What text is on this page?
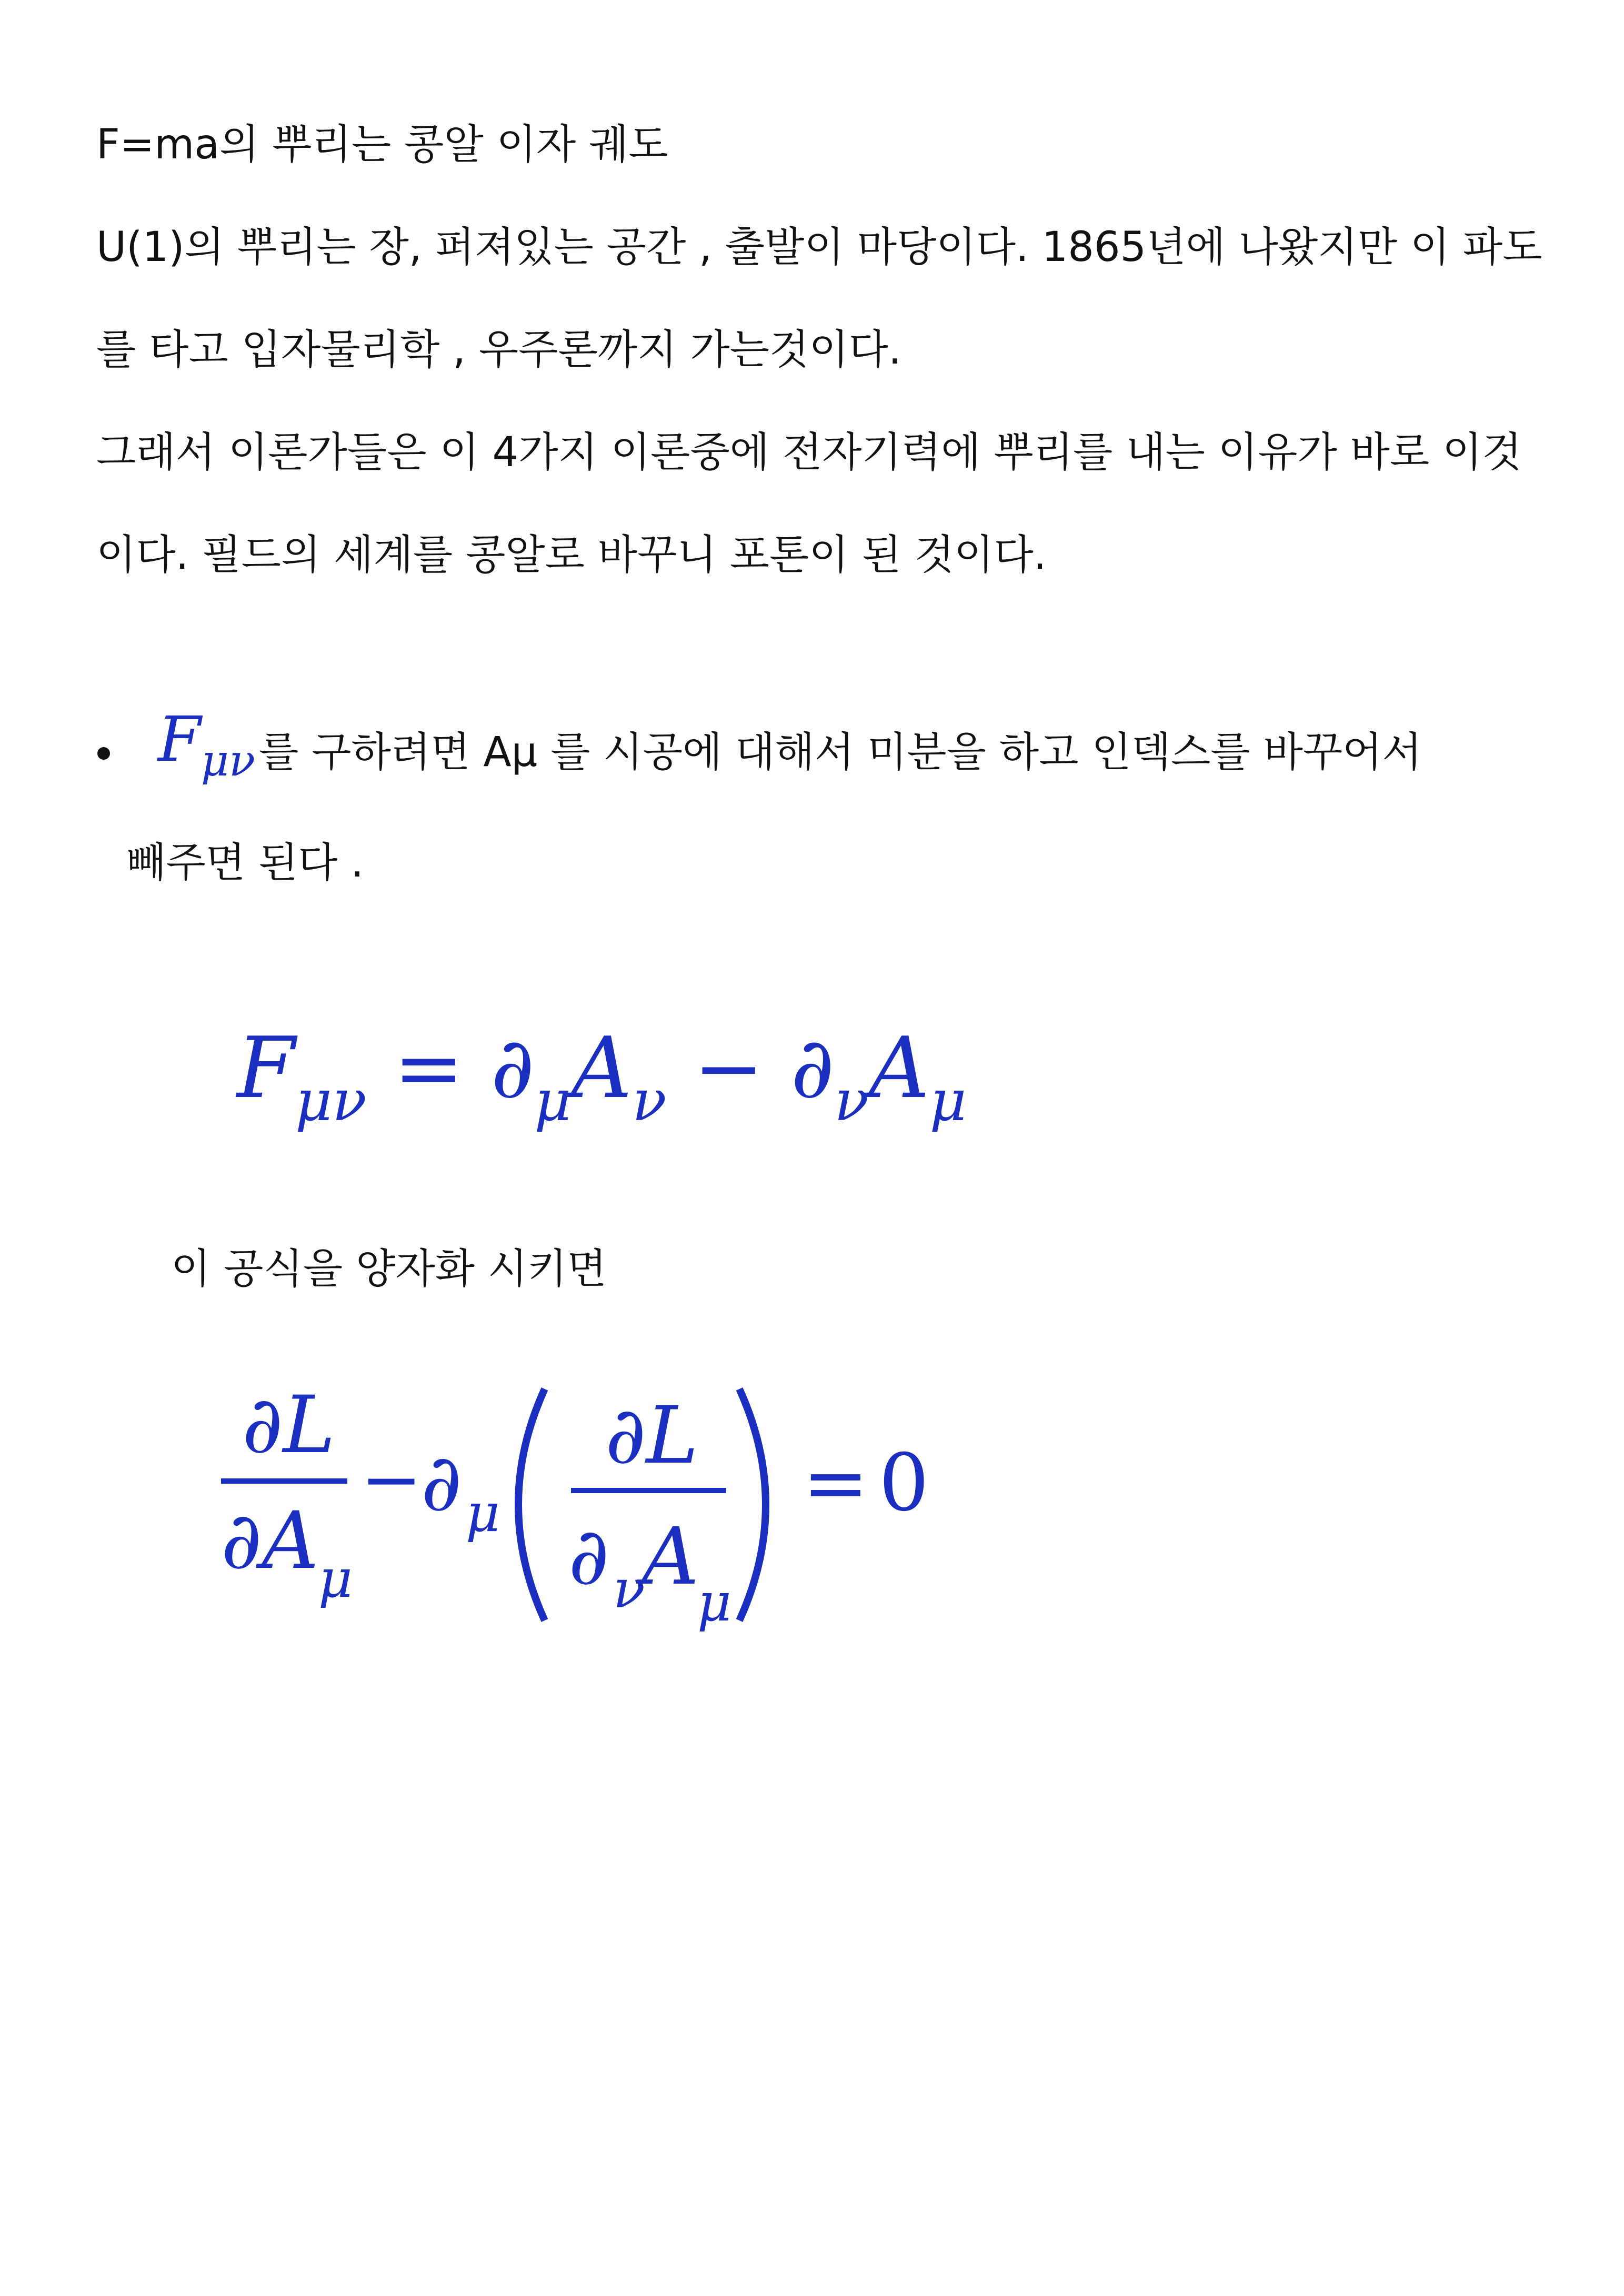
F=ma의 뿌리는 콩알 이자 궤도
U(1)의 뿌리는 장, 퍼져있는 공간 , 출발이 마당이다. 1865년에 나왔지만 이 파도
를 타고 입자물리학 , 우주론까지 가는것이다.
그래서 이론가들은 이 4가지 이론중에 전자기력에 뿌리를 내는 이유가 바로 이것
이다. 필드의 세계를 콩알로 바꾸니 포톤이 된 것이다.
$F_{\mu\nu}$ 를 구하려면 Aμ 를 시공에 대해서 미분을 하고 인덱스를 바꾸어서
빼주면 된다 .
$F_{\mu\nu} = \partial_\mu A_\nu - \partial_\nu A_\mu$
이 공식을 양자화 시키면
∂L
∂A μ
−
∂ μ
∂L
∂ ν
A
μ
= 0
